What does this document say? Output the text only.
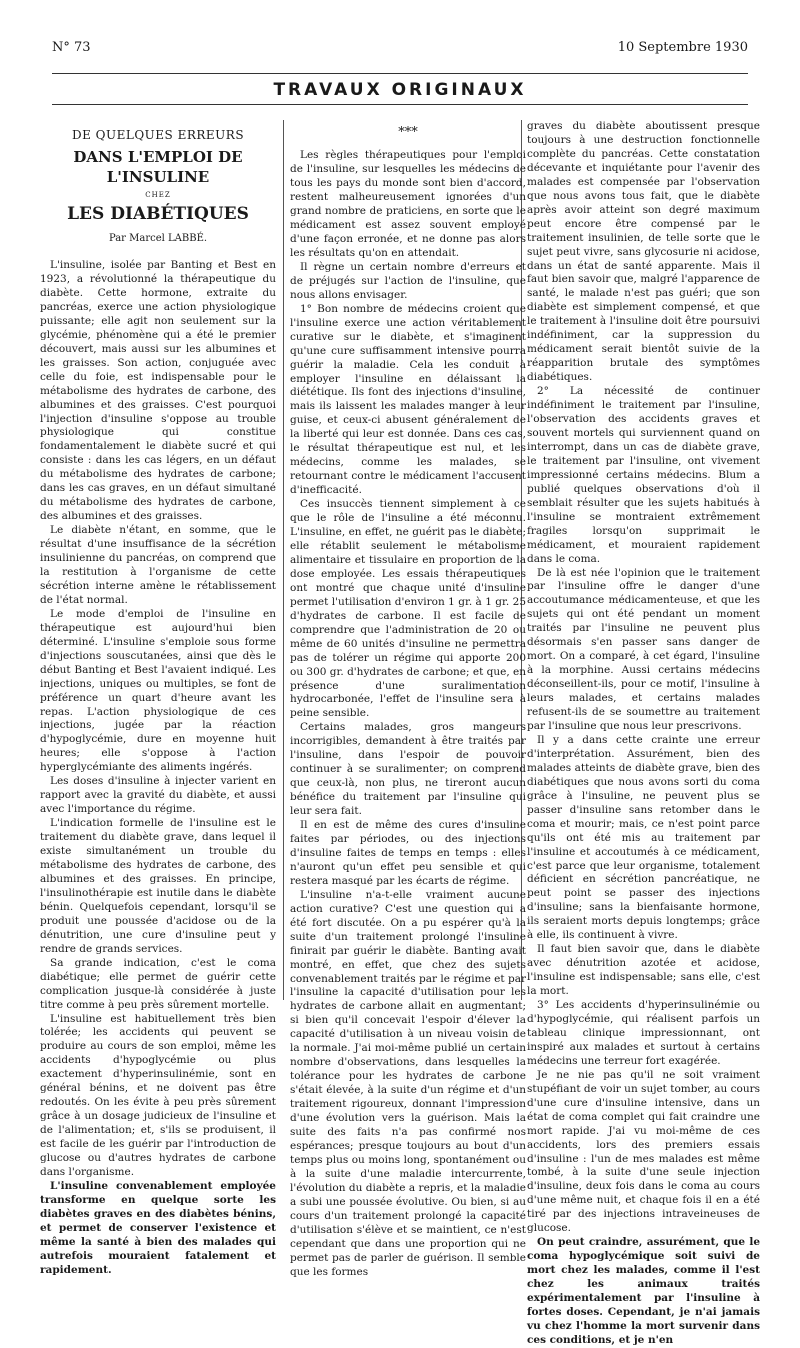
N° 73	10 Septembre 1930
TRAVAUX ORIGINAUX
DE QUELQUES ERREURS
DANS L'EMPLOI DE L'INSULINE
CHEZ
LES DIABÉTIQUES
Par Marcel LABBÉ.

L'insuline, isolée par Banting et Best en 1923, a révolutionné la thérapeutique du diabète. Cette hormone, extraite du pancréas, exerce une action physiologique puissante; elle agit non seulement sur la glycémie, phénomène qui a été le premier découvert, mais aussi sur les albumines et les graisses. Son action, conjuguée avec celle du foie, est indispensable pour le métabolisme des hydrates de carbone, des albumines et des graisses. C'est pourquoi l'injection d'insuline s'oppose au trouble physiologique qui constitue fondamentalement le diabète sucré et qui consiste : dans les cas légers, en un défaut du métabolisme des hydrates de carbone; dans les cas graves, en un défaut simultané du métabolisme des hydrates de carbone, des albumines et des graisses.

Le diabète n'étant, en somme, que le résultat d'une insuffisance de la sécrétion insulinienne du pancréas, on comprend que la restitution à l'organisme de cette sécrétion interne amène le rétablissement de l'état normal.

Le mode d'emploi de l'insuline en thérapeutique est aujourd'hui bien déterminé. L'insuline s'emploie sous forme d'injections souscutanées, ainsi que dès le début Banting et Best l'avaient indiqué. Les injections, uniques ou multiples, se font de préférence un quart d'heure avant les repas. L'action physiologique de ces injections, jugée par la réaction d'hypoglycémie, dure en moyenne huit heures; elle s'oppose à l'action hyperglycémiante des aliments ingérés.

Les doses d'insuline à injecter varient en rapport avec la gravité du diabète, et aussi avec l'importance du régime.

L'indication formelle de l'insuline est le traitement du diabète grave, dans lequel il existe simultanément un trouble du métabolisme des hydrates de carbone, des albumines et des graisses. En principe, l'insulinothérapie est inutile dans le diabète bénin. Quelquefois cependant, lorsqu'il se produit une poussée d'acidose ou de la dénutrition, une cure d'insuline peut y rendre de grands services.

Sa grande indication, c'est le coma diabétique; elle permet de guérir cette complication jusque-là considérée à juste titre comme à peu près sûrement mortelle.

L'insuline est habituellement très bien tolérée; les accidents qui peuvent se produire au cours de son emploi, même les accidents d'hypoglycémie ou plus exactement d'hyperinsulinémie, sont en général bénins, et ne doivent pas être redoutés. On les évite à peu près sûrement grâce à un dosage judicieux de l'insuline et de l'alimentation; et, s'ils se produisent, il est facile de les guérir par l'introduction de glucose ou d'autres hydrates de carbone dans l'organisme.

L'insuline convenablement employée transforme en quelque sorte les diabètes graves en des diabètes bénins, et permet de conserver l'existence et même la santé à bien des malades qui autrefois mouraient fatalement et rapidement.

***

Les règles thérapeutiques pour l'emploi de l'insuline, sur lesquelles les médecins de tous les pays du monde sont bien d'accord, restent malheureusement ignorées d'un grand nombre de praticiens, en sorte que le médicament est assez souvent employé d'une façon erronée, et ne donne pas alors les résultats qu'on en attendait.

Il règne un certain nombre d'erreurs et de préjugés sur l'action de l'insuline, que nous allons envisager.

1° Bon nombre de médecins croient que l'insuline exerce une action véritablement curative sur le diabète, et s'imaginent qu'une cure suffisamment intensive pourra guérir la maladie. Cela les conduit à employer l'insuline en délaissant la diététique. Ils font des injections d'insuline, mais ils laissent les malades manger à leur guise, et ceux-ci abusent généralement de la liberté qui leur est donnée. Dans ces cas, le résultat thérapeutique est nul, et les médecins, comme les malades, se retournant contre le médicament l'accusent d'inefficacité.

Ces insuccès tiennent simplement à ce que le rôle de l'insuline a été méconnu. L'insuline, en effet, ne guérit pas le diabète; elle rétablit seulement le métabolisme alimentaire et tissulaire en proportion de la dose employée. Les essais thérapeutiques ont montré que chaque unité d'insuline permet l'utilisation d'environ 1 gr. à 1 gr. 25 d'hydrates de carbone. Il est facile de comprendre que l'administration de 20 ou même de 60 unités d'insuline ne permettra pas de tolérer un régime qui apporte 200 ou 300 gr. d'hydrates de carbone; et que, en présence d'une suralimentation hydrocarbonée, l'effet de l'insuline sera à peine sensible.

Certains malades, gros mangeurs incorrigibles, demandent à être traités par l'insuline, dans l'espoir de pouvoir continuer à se suralimenter; on comprend que ceux-là, non plus, ne tireront aucun bénéfice du traitement par l'insuline qui leur sera fait.

Il en est de même des cures d'insuline faites par périodes, ou des injections d'insuline faites de temps en temps : elles n'auront qu'un effet peu sensible et qui restera masqué par les écarts de régime.

L'insuline n'a-t-elle vraiment aucune action curative? C'est une question qui a été fort discutée. On a pu espérer qu'à la suite d'un traitement prolongé l'insuline finirait par guérir le diabète. Banting avait montré, en effet, que chez des sujets convenablement traités par le régime et par l'insuline la capacité d'utilisation pour les hydrates de carbone allait en augmentant; si bien qu'il concevait l'espoir d'élever la capacité d'utilisation à un niveau voisin de la normale. J'ai moi-même publié un certain nombre d'observations, dans lesquelles la tolérance pour les hydrates de carbone s'était élevée, à la suite d'un régime et d'un traitement rigoureux, donnant l'impression d'une évolution vers la guérison. Mais la suite des faits n'a pas confirmé nos espérances; presque toujours au bout d'un temps plus ou moins long, spontanément ou à la suite d'une maladie intercurrente, l'évolution du diabète a repris, et la maladie a subi une poussée évolutive. Ou bien, si au cours d'un traitement prolongé la capacité d'utilisation s'élève et se maintient, ce n'est cependant que dans une proportion qui ne permet pas de parler de guérison. Il semble que les formes

graves du diabète aboutissent presque toujours à une destruction fonctionnelle complète du pancréas. Cette constatation décevante et inquiétante pour l'avenir des malades est compensée par l'observation que nous avons tous fait, que le diabète après avoir atteint son degré maximum peut encore être compensé par le traitement insulinien, de telle sorte que le sujet peut vivre, sans glycosurie ni acidose, dans un état de santé apparente. Mais il faut bien savoir que, malgré l'apparence de santé, le malade n'est pas guéri; que son diabète est simplement compensé, et que le traitement à l'insuline doit être poursuivi indéfiniment, car la suppression du médicament serait bientôt suivie de la réapparition brutale des symptômes diabétiques.

2° La nécessité de continuer indéfiniment le traitement par l'insuline, l'observation des accidents graves et souvent mortels qui surviennent quand on interrompt, dans un cas de diabète grave, le traitement par l'insuline, ont vivement impressionné certains médecins. Blum a publié quelques observations d'où il semblait résulter que les sujets habitués à l'insuline se montraient extrêmement fragiles lorsqu'on supprimait le médicament, et mouraient rapidement dans le coma.

De là est née l'opinion que le traitement par l'insuline offre le danger d'une accoutumance médicamenteuse, et que les sujets qui ont été pendant un moment traités par l'insuline ne peuvent plus désormais s'en passer sans danger de mort. On a comparé, à cet égard, l'insuline à la morphine. Aussi certains médecins déconseillent-ils, pour ce motif, l'insuline à leurs malades, et certains malades refusent-ils de se soumettre au traitement par l'insuline que nous leur prescrivons.

Il y a dans cette crainte une erreur d'interprétation. Assurément, bien des malades atteints de diabète grave, bien des diabétiques que nous avons sorti du coma grâce à l'insuline, ne peuvent plus se passer d'insuline sans retomber dans le coma et mourir; mais, ce n'est point parce qu'ils ont été mis au traitement par l'insuline et accoutumés à ce médicament, c'est parce que leur organisme, totalement déficient en sécrétion pancréatique, ne peut point se passer des injections d'insuline; sans la bienfaisante hormone, ils seraient morts depuis longtemps; grâce à elle, ils continuent à vivre.

Il faut bien savoir que, dans le diabète avec dénutrition azotée et acidose, l'insuline est indispensable; sans elle, c'est la mort.

3° Les accidents d'hyperinsulinémie ou d'hypoglycémie, qui réalisent parfois un tableau clinique impressionnant, ont inspiré aux malades et surtout à certains médecins une terreur fort exagérée.

Je ne nie pas qu'il ne soit vraiment stupéfiant de voir un sujet tomber, au cours d'une cure d'insuline intensive, dans un état de coma complet qui fait craindre une mort rapide. J'ai vu moi-même de ces accidents, lors des premiers essais d'insuline : l'un de mes malades est même tombé, à la suite d'une seule injection d'insuline, deux fois dans le coma au cours d'une même nuit, et chaque fois il en a été tiré par des injections intraveineuses de glucose.

On peut craindre, assurément, que le coma hypoglycémique soit suivi de mort chez les malades, comme il l'est chez les animaux traités expérimentalement par l'insuline à fortes doses. Cependant, je n'ai jamais vu chez l'homme la mort survenir dans ces conditions, et je n'en
